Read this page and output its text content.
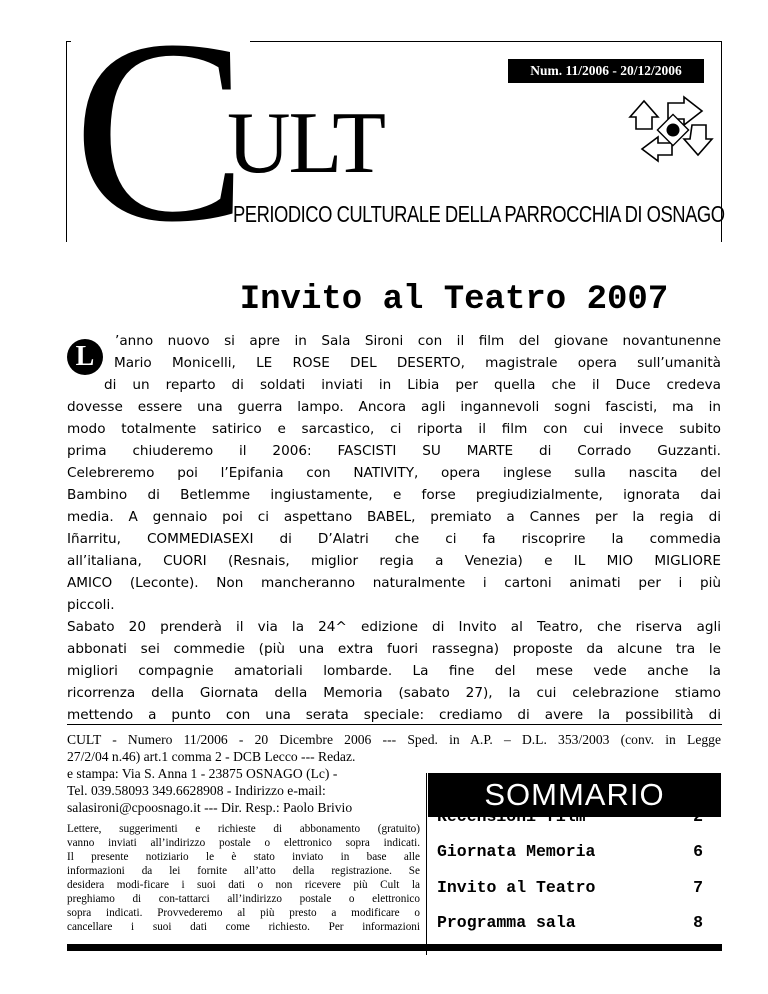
C
ULT
PERIODICO CULTURALE DELLA PARROCCHIA DI OSNAGO
Num. 11/2006 - 20/12/2006
Invito al Teatro 2007
L	’anno nuovo si apre in Sala Sironi con il film del giovane novantunenne
Mario Monicelli, LE ROSE DEL DESERTO, magistrale opera sull’umanità
di un reparto di soldati inviati in Libia per quella che il Duce credeva
dovesse essere una guerra lampo. Ancora agli ingannevoli sogni fascisti, ma in
modo totalmente satirico e sarcastico, ci riporta il film con cui invece subito
prima chiuderemo il 2006: FASCISTI SU MARTE di Corrado Guzzanti.
Celebreremo poi l’Epifania con NATIVITY, opera inglese sulla nascita del
Bambino di Betlemme ingiustamente, e forse pregiudizialmente, ignorata dai
media. A gennaio poi ci aspettano BABEL, premiato a Cannes per la regia di
Iñarritu, COMMEDIASEXI di D’Alatri che ci fa riscoprire la commedia
all’italiana, CUORI (Resnais, miglior regia a Venezia) e IL MIO MIGLIORE
AMICO (Leconte). Non mancheranno naturalmente i cartoni animati per i più
piccoli.
Sabato 20 prenderà il via la 24^ edizione di Invito al Teatro, che riserva agli
abbonati sei commedie (più una extra fuori rassegna) proposte da alcune tra le
migliori compagnie amatoriali lombarde. La fine del mese vede anche la
ricorrenza della Giornata della Memoria (sabato 27), la cui celebrazione stiamo
mettendo a punto con una serata speciale: crediamo di avere la possibilità di
CULT - Numero 11/2006 - 20 Dicembre 2006 --- Sped. in A.P. – D.L. 353/2003 (conv. in Legge
27/2/04 n.46) art.1 comma 2 - DCB Lecco --- Redaz.
e stampa: Via S. Anna 1 - 23875 OSNAGO (Lc) -
Tel. 039.58093 349.6628908 - Indirizzo e-mail:
salasironi@cpoosnago.it --- Dir. Resp.: Paolo Brivio
Lettere, suggerimenti e richieste di abbonamento (gratuito)
vanno inviati all’indirizzo postale o elettronico sopra indicati.
Il presente notiziario le è stato inviato in base alle
informazioni da lei fornite all’atto della registrazione. Se
desidera modi-ficare i suoi dati o non ricevere più Cult la
preghiamo di con-tattarci all’indirizzo postale o elettronico
sopra indicati. Provvederemo al più presto a modificare o
cancellare i suoi dati come richiesto. Per informazioni
SOMMARIO
Recensioni film	2
Giornata Memoria	6
Invito al Teatro	7
Programma sala	8
